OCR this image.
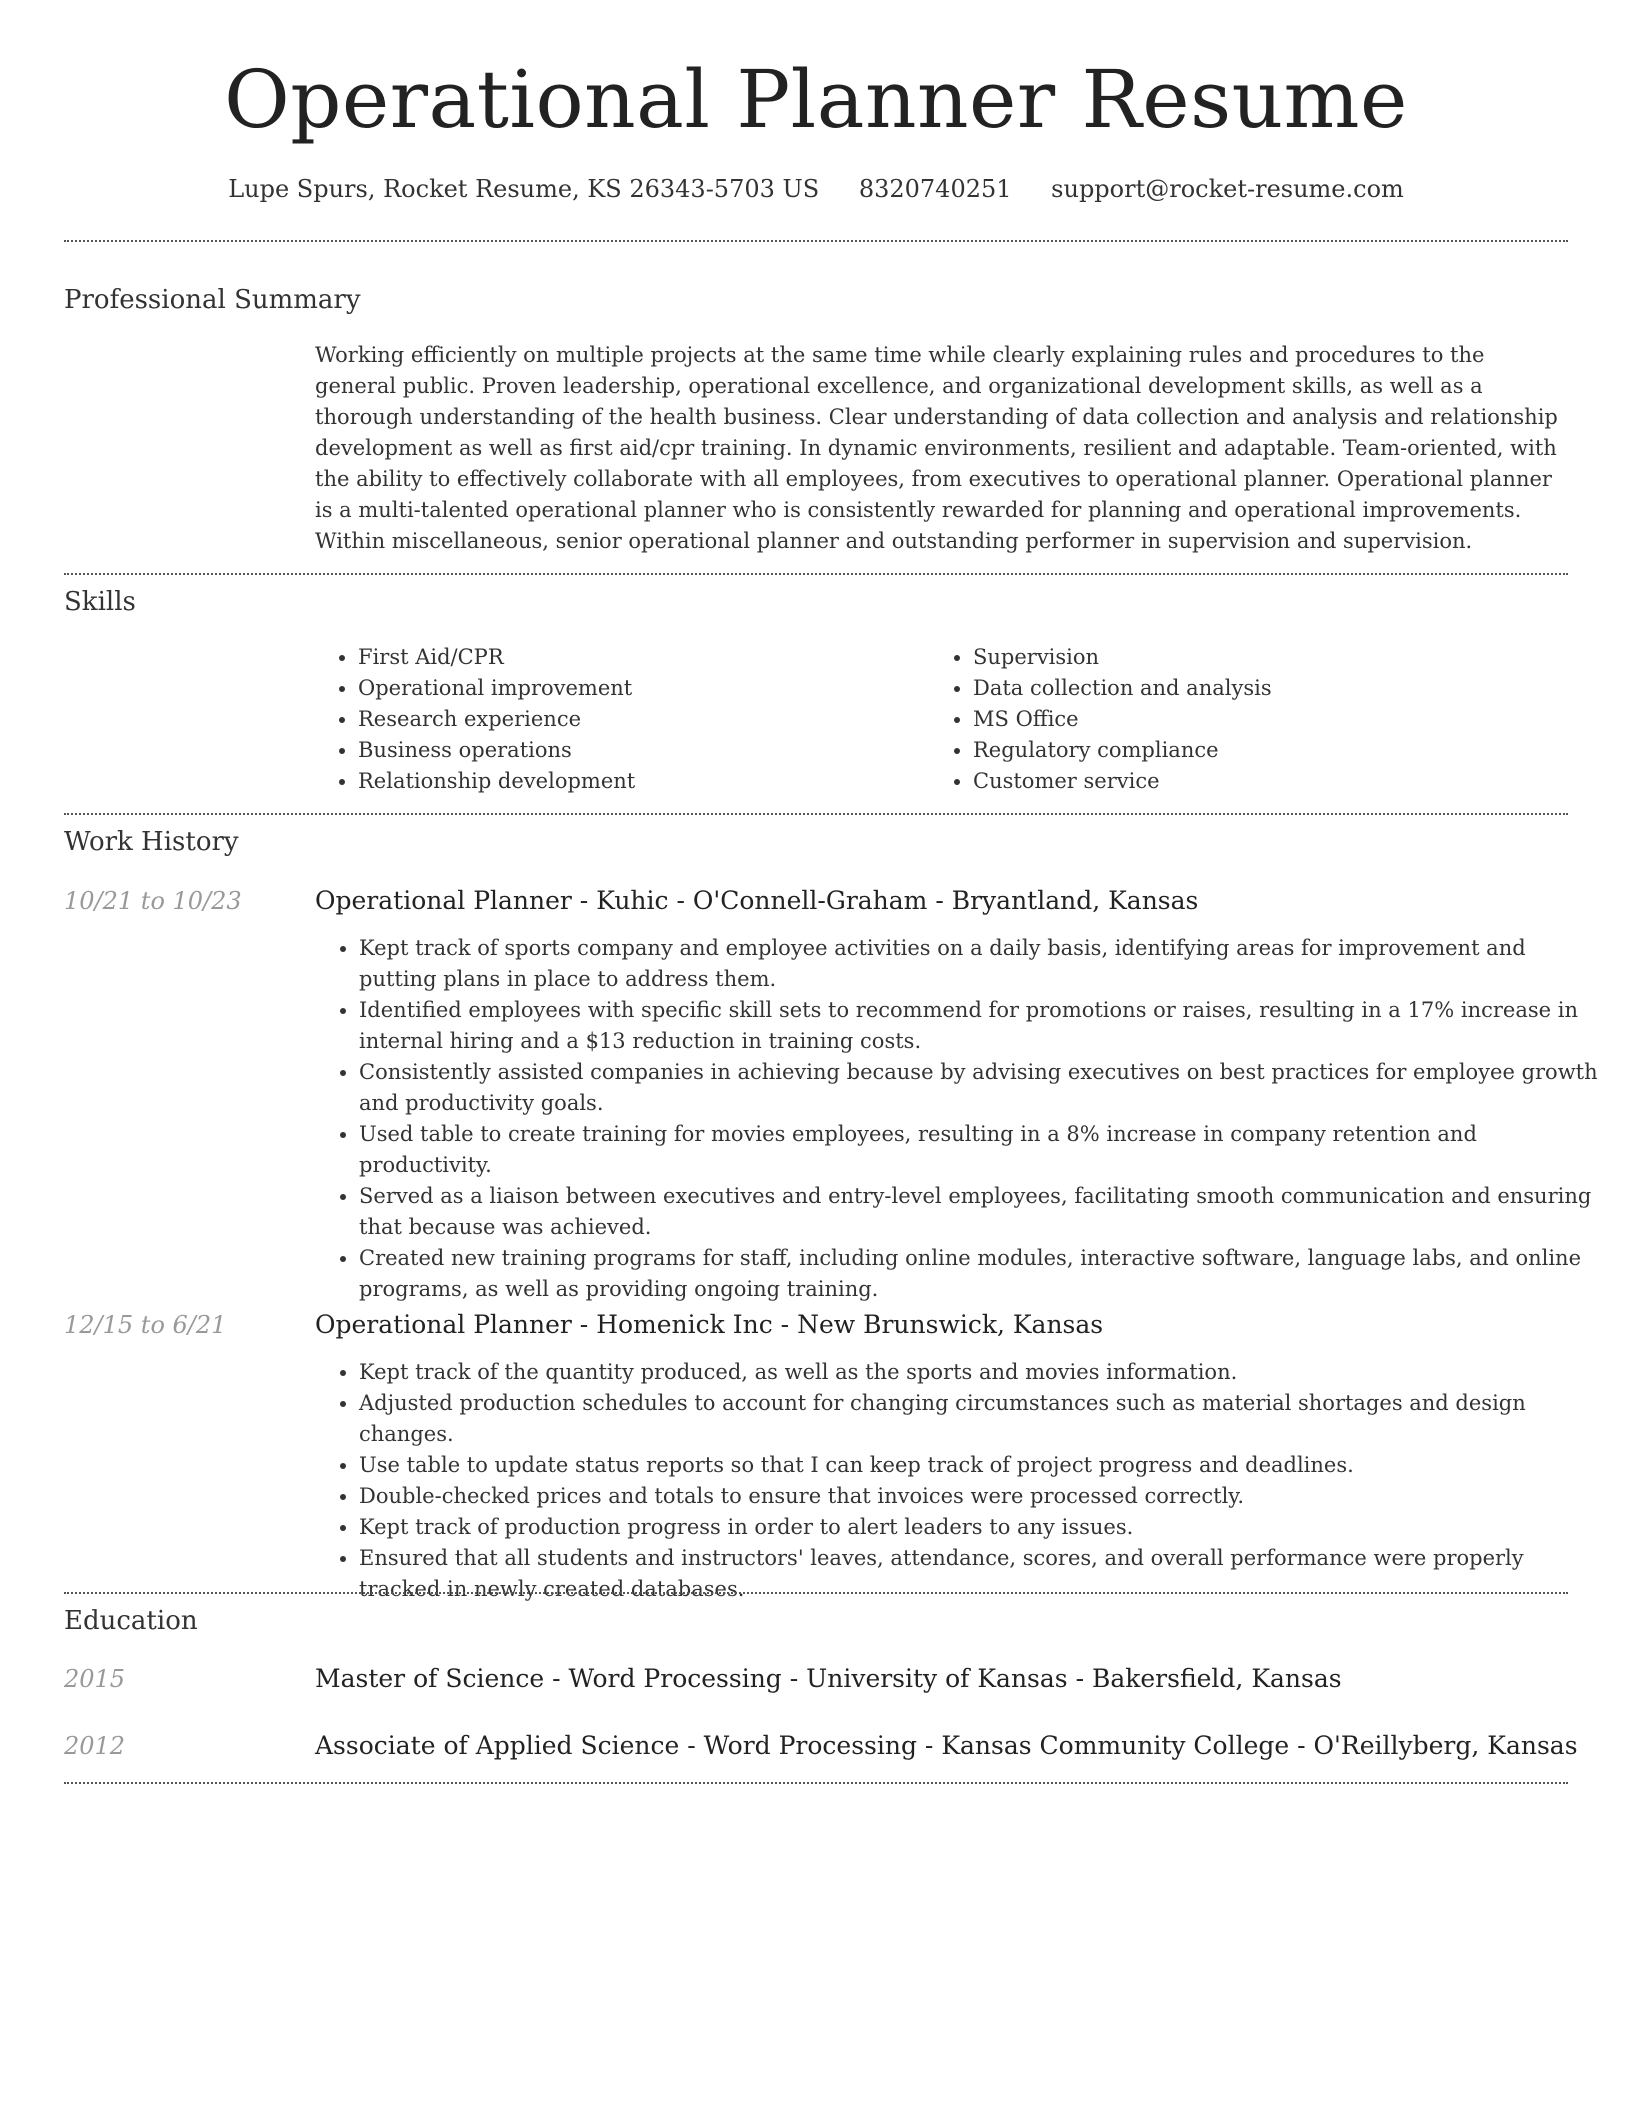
Operational Planner Resume
Lupe Spurs, Rocket Resume, KS 26343-5703 US 8320740251 support@rocket-resume.com
Professional Summary
Working efficiently on multiple projects at the same time while clearly explaining rules and procedures to the general public. Proven leadership, operational excellence, and organizational development skills, as well as a thorough understanding of the health business. Clear understanding of data collection and analysis and relationship development as well as first aid/cpr training. In dynamic environments, resilient and adaptable. Team-oriented, with the ability to effectively collaborate with all employees, from executives to operational planner. Operational planner is a multi-talented operational planner who is consistently rewarded for planning and operational improvements. Within miscellaneous, senior operational planner and outstanding performer in supervision and supervision.
Skills
• First Aid/CPR
• Operational improvement
• Research experience
• Business operations
• Relationship development
• Supervision
• Data collection and analysis
• MS Office
• Regulatory compliance
• Customer service
Work History
10/21 to 10/23	Operational Planner - Kuhic - O'Connell-Graham - Bryantland, Kansas
• Kept track of sports company and employee activities on a daily basis, identifying areas for improvement and putting plans in place to address them.
• Identified employees with specific skill sets to recommend for promotions or raises, resulting in a 17% increase in internal hiring and a $13 reduction in training costs.
• Consistently assisted companies in achieving because by advising executives on best practices for employee growth and productivity goals.
• Used table to create training for movies employees, resulting in a 8% increase in company retention and productivity.
• Served as a liaison between executives and entry-level employees, facilitating smooth communication and ensuring that because was achieved.
• Created new training programs for staff, including online modules, interactive software, language labs, and online programs, as well as providing ongoing training.
12/15 to 6/21	Operational Planner - Homenick Inc - New Brunswick, Kansas
• Kept track of the quantity produced, as well as the sports and movies information.
• Adjusted production schedules to account for changing circumstances such as material shortages and design changes.
• Use table to update status reports so that I can keep track of project progress and deadlines.
• Double-checked prices and totals to ensure that invoices were processed correctly.
• Kept track of production progress in order to alert leaders to any issues.
• Ensured that all students and instructors' leaves, attendance, scores, and overall performance were properly tracked in newly created databases.
Education
2015	Master of Science - Word Processing - University of Kansas - Bakersfield, Kansas
2012	Associate of Applied Science - Word Processing - Kansas Community College - O'Reillyberg, Kansas
